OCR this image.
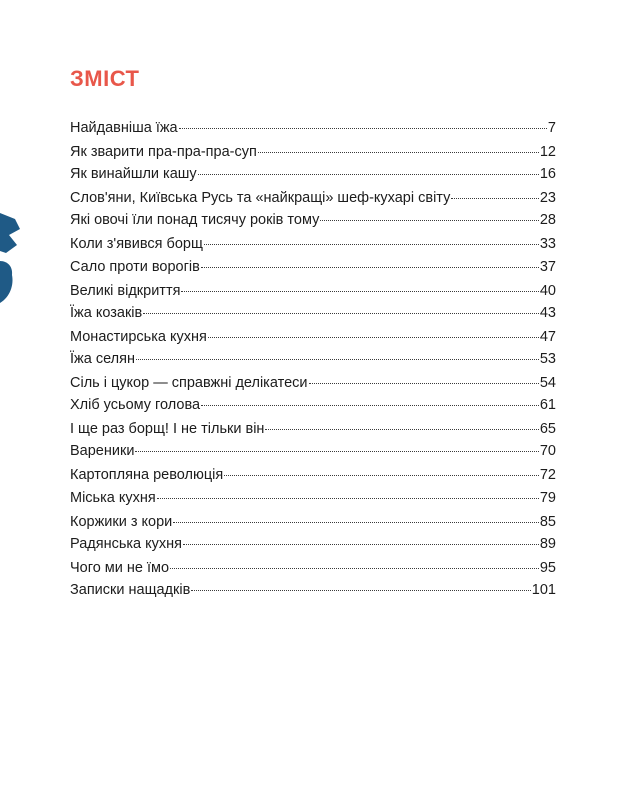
ЗМІСТ
Найдавніша їжа	7
Як зварити пра-пра-пра-суп	12
Як винайшли кашу	16
Слов'яни, Київська Русь та «найкращі» шеф-кухарі світу	23
Які овочі їли понад тисячу років тому	28
Коли з'явився борщ	33
Сало проти ворогів	37
Великі відкриття	40
Їжа козаків	43
Монастирська кухня	47
Їжа селян	53
Сіль і цукор — справжні делікатеси	54
Хліб усьому голова	61
І ще раз борщ! І не тільки він	65
Вареники	70
Картопляна революція	72
Міська кухня	79
Коржики з кори	85
Радянська кухня	89
Чого ми не їмо	95
Записки нащадків	101
